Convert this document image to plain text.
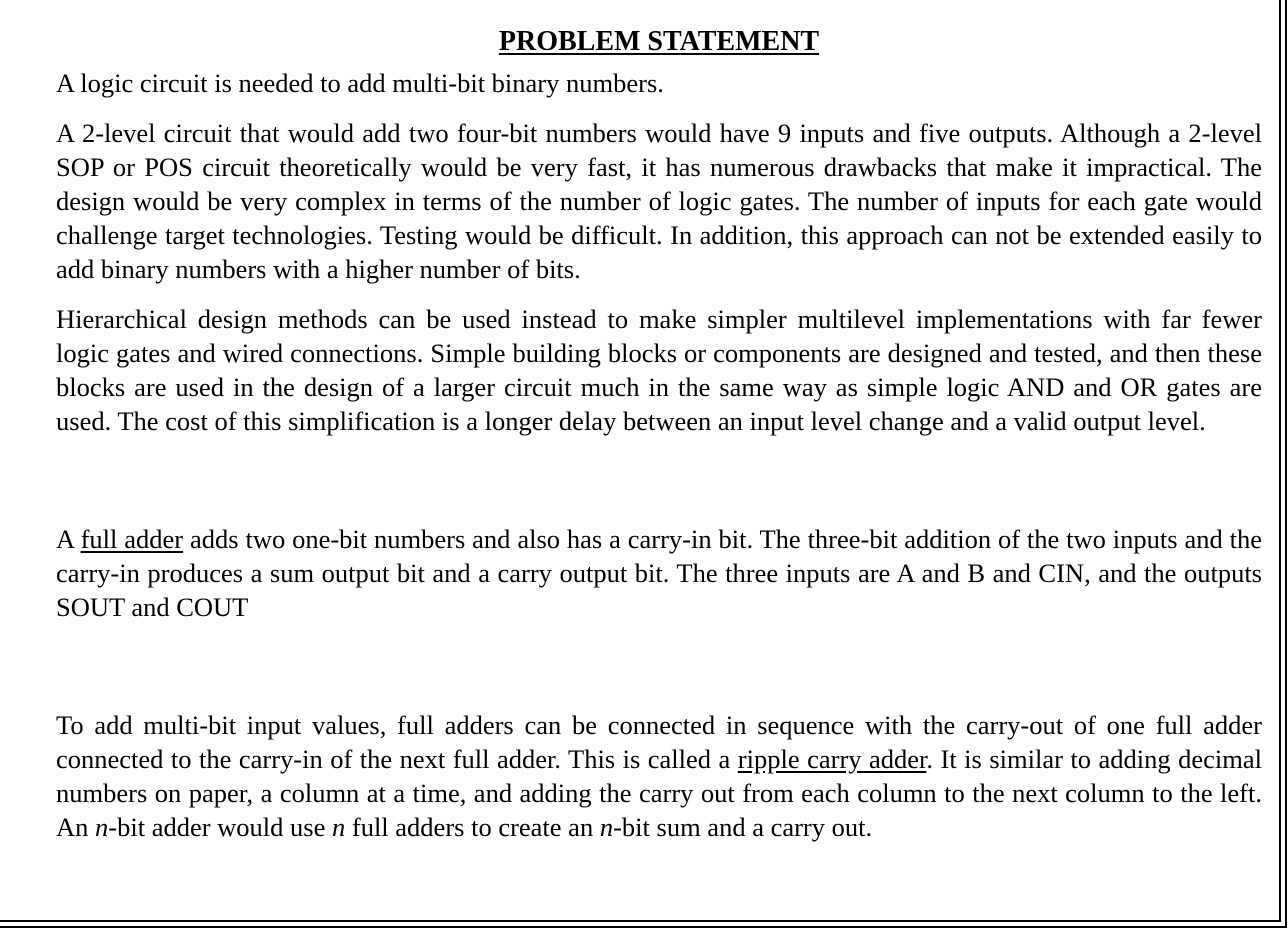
PROBLEM STATEMENT

A logic circuit is needed to add multi-bit binary numbers.

A 2-level circuit that would add two four-bit numbers would have 9 inputs and five outputs. Although a 2-level SOP or POS circuit theoretically would be very fast, it has numerous drawbacks that make it impractical. The design would be very complex in terms of the number of logic gates. The number of inputs for each gate would challenge target technologies. Testing would be difficult. In addition, this approach can not be extended easily to add binary numbers with a higher number of bits.

Hierarchical design methods can be used instead to make simpler multilevel implementations with far fewer logic gates and wired connections. Simple building blocks or components are designed and tested, and then these blocks are used in the design of a larger circuit much in the same way as simple logic AND and OR gates are used. The cost of this simplification is a longer delay between an input level change and a valid output level.

A full adder adds two one-bit numbers and also has a carry-in bit. The three-bit addition of the two inputs and the carry-in produces a sum output bit and a carry output bit. The three inputs are A and B and CIN, and the outputs SOUT and COUT

To add multi-bit input values, full adders can be connected in sequence with the carry-out of one full adder connected to the carry-in of the next full adder. This is called a ripple carry adder. It is similar to adding decimal numbers on paper, a column at a time, and adding the carry out from each column to the next column to the left. An n-bit adder would use n full adders to create an n-bit sum and a carry out.
